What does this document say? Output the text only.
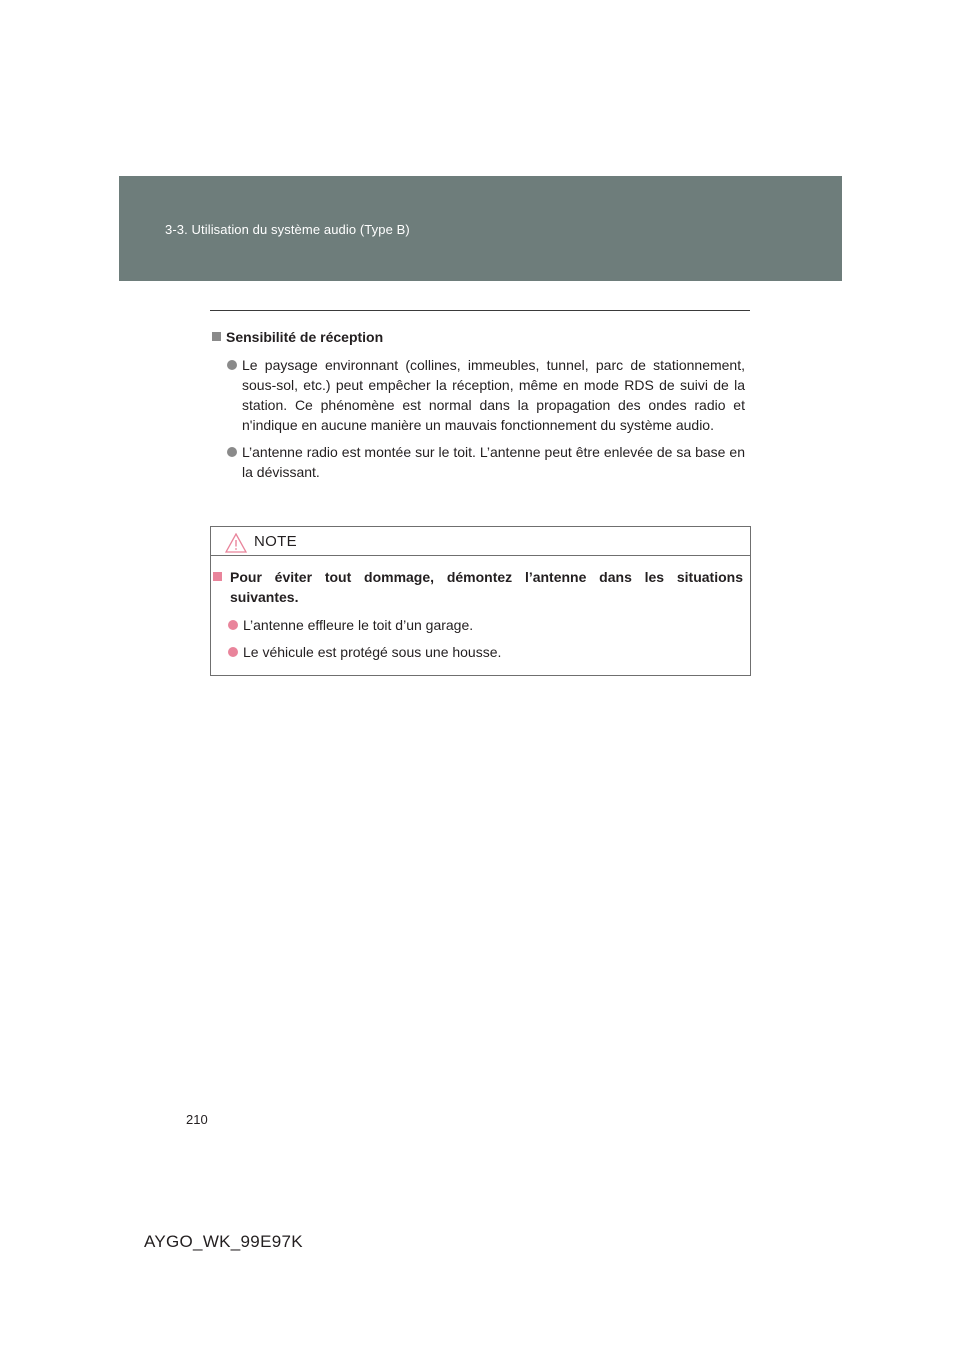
3-3. Utilisation du système audio (Type B)
Sensibilité de réception
Le paysage environnant (collines, immeubles, tunnel, parc de stationnement, sous-sol, etc.) peut empêcher la réception, même en mode RDS de suivi de la station. Ce phénomène est normal dans la propagation des ondes radio et n'indique en aucune manière un mauvais fonctionnement du système audio.
L’antenne radio est montée sur le toit. L’antenne peut être enlevée de sa base en la dévissant.
NOTE
Pour éviter tout dommage, démontez l’antenne dans les situations suivantes.
L’antenne effleure le toit d’un garage.
Le véhicule est protégé sous une housse.
210
AYGO_WK_99E97K
